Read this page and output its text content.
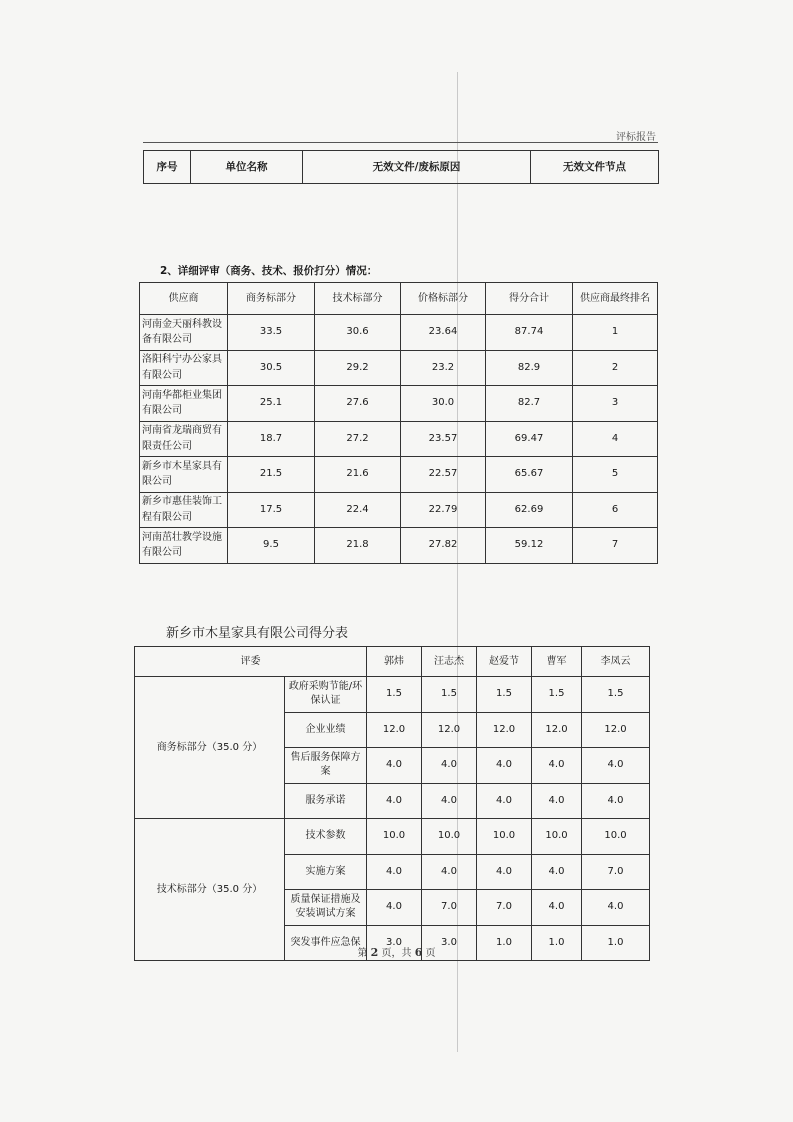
评标报告
序号	单位名称	无效文件/废标原因	无效文件节点
2、详细评审（商务、技术、报价打分）情况：
供应商	商务标部分	技术标部分	价格标部分	得分合计	供应商最终排名
河南金天丽科教设备有限公司	33.5	30.6	23.64	87.74	1
洛阳科宁办公家具有限公司	30.5	29.2	23.2	82.9	2
河南华都柜业集团有限公司	25.1	27.6	30.0	82.7	3
河南省龙瑞商贸有限责任公司	18.7	27.2	23.57	69.47	4
新乡市木星家具有限公司	21.5	21.6	22.57	65.67	5
新乡市惠佳装饰工程有限公司	17.5	22.4	22.79	62.69	6
河南茁壮教学设施有限公司	9.5	21.8	27.82	59.12	7
新乡市木星家具有限公司得分表
评委		郭炜	汪志杰	赵爱节	曹军	李凤云
商务标部分（35.0 分）	政府采购节能/环保认证	1.5	1.5	1.5	1.5	1.5
	企业业绩	12.0	12.0	12.0	12.0	12.0
	售后服务保障方案	4.0	4.0	4.0	4.0	4.0
	服务承诺	4.0	4.0	4.0	4.0	4.0
技术标部分（35.0 分）	技术参数	10.0	10.0	10.0	10.0	10.0
	实施方案	4.0	4.0	4.0	4.0	7.0
	质量保证措施及安装调试方案	4.0	7.0	7.0	4.0	4.0
	突发事件应急保	3.0	3.0	1.0	1.0	1.0
第 2 页，共 6 页
